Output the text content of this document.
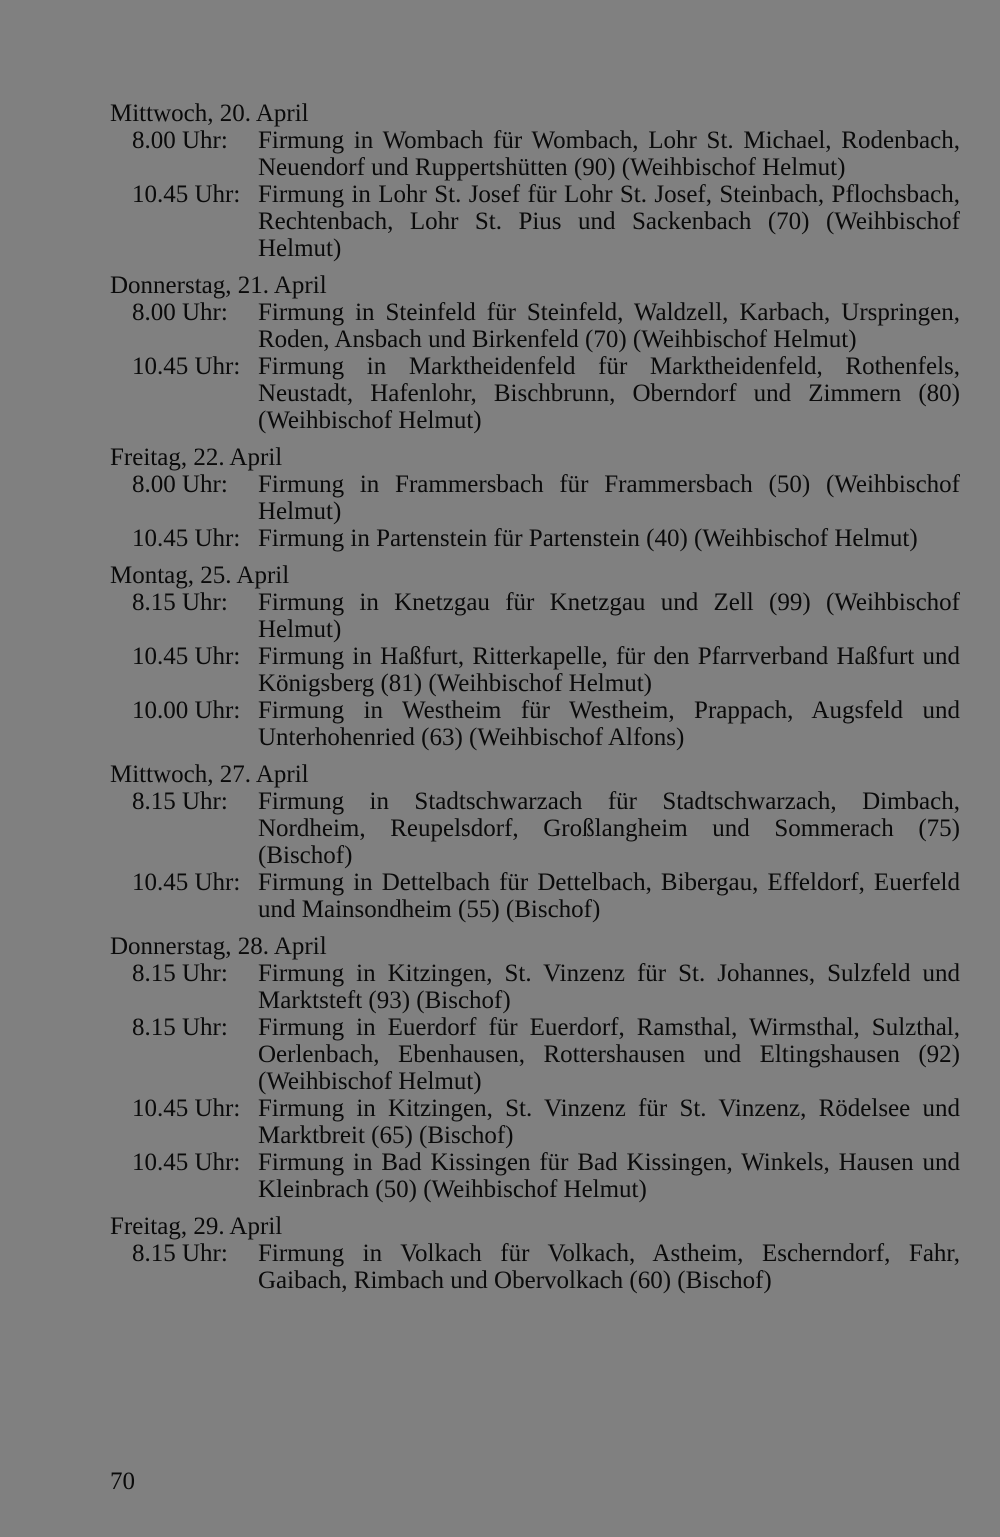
Mittwoch, 20. April
8.00 Uhr:	Firmung in Wombach für Wombach, Lohr St. Michael, Rodenbach, Neuendorf und Ruppertshütten (90) (Weihbischof Helmut)
10.45 Uhr: Firmung in Lohr St. Josef für Lohr St. Josef, Steinbach, Pflochsbach, Rechtenbach, Lohr St. Pius und Sackenbach (70) (Weihbischof Helmut)
Donnerstag, 21. April
8.00 Uhr:	Firmung in Steinfeld für Steinfeld, Waldzell, Karbach, Urspringen, Roden, Ansbach und Birkenfeld (70) (Weihbischof Helmut)
10.45 Uhr: Firmung in Marktheidenfeld für Marktheidenfeld, Rothenfels, Neustadt, Hafenlohr, Bischbrunn, Oberndorf und Zimmern (80) (Weihbischof Helmut)
Freitag, 22. April
8.00 Uhr:	Firmung in Frammersbach für Frammersbach (50) (Weihbischof Helmut)
10.45 Uhr: Firmung in Partenstein für Partenstein (40) (Weihbischof Helmut)
Montag, 25. April
8.15 Uhr:	Firmung in Knetzgau für Knetzgau und Zell (99) (Weihbischof Helmut)
10.45 Uhr: Firmung in Haßfurt, Ritterkapelle, für den Pfarrverband Haßfurt und Königsberg (81) (Weihbischof Helmut)
10.00 Uhr: Firmung in Westheim für Westheim, Prappach, Augsfeld und Unterhohenried (63) (Weihbischof Alfons)
Mittwoch, 27. April
8.15 Uhr:	Firmung in Stadtschwarzach für Stadtschwarzach, Dimbach, Nordheim, Reupelsdorf, Großlangheim und Sommerach (75) (Bischof)
10.45 Uhr: Firmung in Dettelbach für Dettelbach, Bibergau, Effeldorf, Euerfeld und Mainsondheim (55) (Bischof)
Donnerstag, 28. April
8.15 Uhr:	Firmung in Kitzingen, St. Vinzenz für St. Johannes, Sulzfeld und Marktsteft (93) (Bischof)
8.15 Uhr:	Firmung in Euerdorf für Euerdorf, Ramsthal, Wirmsthal, Sulzthal, Oerlenbach, Ebenhausen, Rottershausen und Eltingshausen (92) (Weihbischof Helmut)
10.45 Uhr: Firmung in Kitzingen, St. Vinzenz für St. Vinzenz, Rödelsee und Marktbreit (65) (Bischof)
10.45 Uhr: Firmung in Bad Kissingen für Bad Kissingen, Winkels, Hausen und Kleinbrach (50) (Weihbischof Helmut)
Freitag, 29. April
8.15 Uhr:	Firmung in Volkach für Volkach, Astheim, Escherndorf, Fahr, Gaibach, Rimbach und Obervolkach (60) (Bischof)
70
